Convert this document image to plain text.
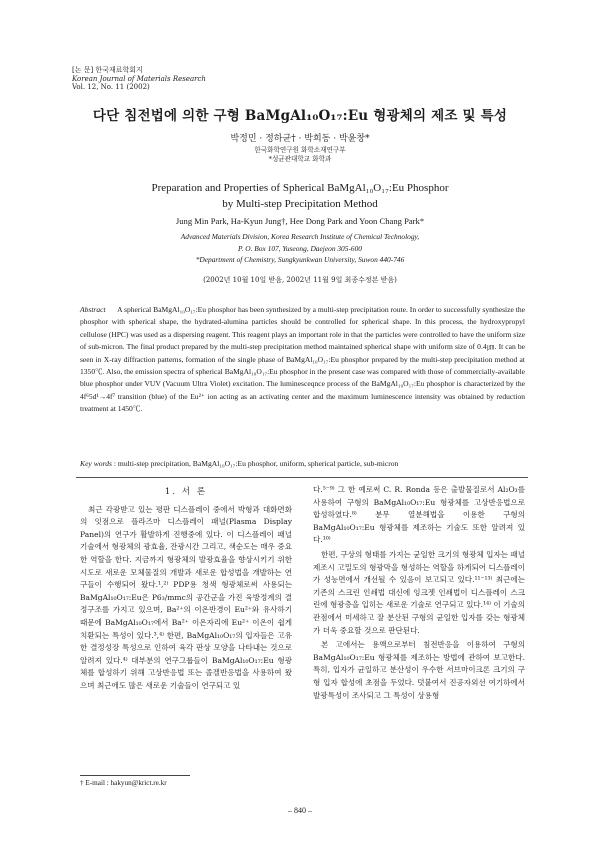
[논 문] 한국재료학회지
Korean Journal of Materials Research
Vol. 12, No. 11 (2002)
다단 침전법에 의한 구형 BaMgAl₁₀O₁₇:Eu 형광체의 제조 및 특성
박정민 · 정하균† · 박희동 · 박윤창*
한국화학연구원 화학소재연구부
*성균관대학교 화학과
Preparation and Properties of Spherical BaMgAl₁₀O₁₇:Eu Phosphor
by Multi-step Precipitation Method
Jung Min Park, Ha-Kyun Jung†, Hee Dong Park and Yoon Chang Park*
Advanced Materials Division, Korea Research Institute of Chemical Technology,
P. O. Box 107, Yuseong, Daejeon 305-600
*Department of Chemistry, Sungkyunkwan University, Suwon 440-746
(2002년 10월 10일 받음, 2002년 11월 9일 최종수정본 받음)
Abstract A spherical BaMgAl₁₀O₁₇:Eu phosphor has been synthesized by a multi-step precipitation route. In order to successfully synthesize the phosphor with spherical shape, the hydrated-alumina particles should be controlled for spherical shape. In this process, the hydroxypropyl cellulose (HPC) was used as a dispersing reagent. This reagent plays an important role in that the particles were controlled to have the uniform size of sub-micron. The final product prepared by the multi-step precipitation method maintained spherical shape with uniform size of 0.4㎛. It can be seen in X-ray diffraction patterns, formation of the single phase of BaMgAl₁₀O₁₇:Eu phosphor prepared by the multi-step precipitation method at 1350℃. Also, the emission spectra of spherical BaMgAl₁₀O₁₇:Eu phosphor in the present case was compared with those of commercially-available blue phosphor under VUV (Vacuum Ultra Violet) excitation. The luminesceqnce process of the BaMgAl₁₀O₁₇:Eu phosphor is characterized by the 4f⁶5d¹→4f⁷ transition (blue) of the Eu²⁺ ion acting as an activating center and the maximum luminescence intensity was obtained by reduction treatment at 1450℃.
Key words : multi-step precipitation, BaMgAl₁₀O₁₇:Eu phosphor, uniform, spherical particle, sub-micron
1. 서 론

최근 각광받고 있는 평판 디스플레이 중에서 박형과 대화면화의 잇점으로 플라즈마 디스플레이 패널(Plasma Display Panel)의 연구가 활발하게 진행중에 있다. 이 디스플레이 패널 기술에서 형광체의 광효율, 잔광시간 그리고, 색순도는 매우 중요한 역할을 한다. 지금까지 형광체의 발광효율을 향상시키기 위한 시도로 새로운 모체물질의 개발과 새로운 합성법을 개발하는 연구들이 수행되어 왔다.¹,²⁾ PDP용 청색 형광체로써 사용되는 BaMgAl₁₀O₁₇:Eu은 P6₃/mmc의 공간군을 가진 육방정계의 결정구조를 가지고 있으며, Ba²⁺의 이온반경이 Eu²⁺와 유사하기 때문에 BaMgAl₁₀O₁₇에서 Ba²⁺ 이온자리에 Eu²⁺ 이온이 쉽게 치환되는 특성이 있다.³,⁴⁾ 한편, BaMgAl₁₀O₁₇의 입자들은 고유한 결정성장 특성으로 인하여 육각 판상 모양을 나타내는 것으로 알려져 있다.⁴⁾ 대부분의 연구그룹들이 BaMgAl₁₀O₁₇:Eu 형광체를 합성하기 위해 고상반응법 또는 졸겔반응법을 사용하여 왔으며 최근에도 많은 새로운 기술들이 연구되고 있

다.⁵⁻⁹⁾ 그 한 예로써 C. R. Ronda 등은 출발물질로서 Al₂O₃를 사용하여 구형의 BaMgAl₁₀O₁₇:Eu 형광체를 고상반응법으로 합성하였다.⁸⁾ 분무 열분해법을 이용한 구형의 BaMgAl₁₀O₁₇:Eu 형광체를 제조하는 기술도 또한 알려져 있다.¹⁰⁾

한편, 구상의 형태를 가지는 균일한 크기의 형광체 입자는 패널 제조시 고밀도의 형광막을 형성하는 역할을 하게되어 디스플레이가 성능면에서 개선될 수 있음이 보고되고 있다.¹¹⁻¹³⁾ 최근에는 기존의 스크린 인쇄법 대신에 잉크젯 인쇄법이 디스플레이 스크린에 형광층을 입히는 새로운 기술로 연구되고 있다.¹⁴⁾ 이 기술의 관점에서 미세하고 잘 분산된 구형의 균일한 입자를 갖는 형광체가 더욱 중요할 것으로 판단된다.

본 고에서는 용액으로부터 침전반응을 이용하여 구형의 BaMgAl₁₀O₁₇:Eu 형광체를 제조하는 방법에 관하여 보고한다. 특히, 입자가 균일하고 분산성이 우수한 서브마이크론 크기의 구형 입자 합성에 초점을 두었다. 덧붙여서 진공자외선 여기하에서 발광특성이 조사되고 그 특성이 상용형

† E-mail : hakyun@krict.re.kr
– 840 –
